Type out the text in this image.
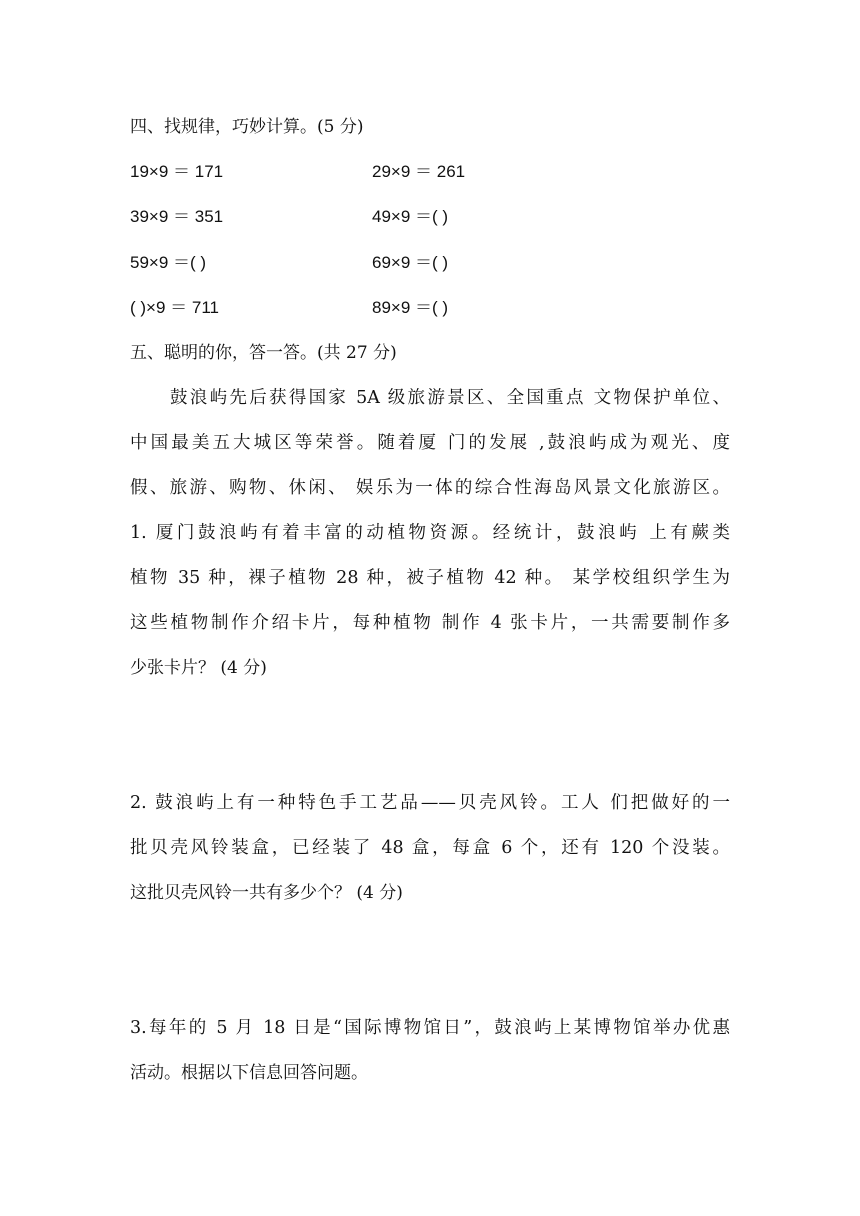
四、找规律，巧妙计算。(5 分)
19×9 ＝ 171	29×9 ＝ 261
39×9 ＝ 351	49×9 ＝( )
59×9 ＝( )	69×9 ＝( )
( )×9 ＝ 711	89×9 ＝( )
五、聪明的你，答一答。(共 27 分)
鼓浪屿先后获得国家 5A 级旅游景区、全国重点 文物保护单位、
中国最美五大城区等荣誉。随着厦 门的发展 ,鼓浪屿成为观光、度
假、旅游、购物、休闲、 娱乐为一体的综合性海岛风景文化旅游区。
1. 厦门鼓浪屿有着丰富的动植物资源。经统计，鼓浪屿 上有蕨类
植物 35 种，裸子植物 28 种，被子植物 42 种。 某学校组织学生为
这些植物制作介绍卡片，每种植物 制作 4 张卡片，一共需要制作多
少张卡片？ (4 分)
2. 鼓浪屿上有一种特色手工艺品——贝壳风铃。工人 们把做好的一
批贝壳风铃装盒，已经装了 48 盒，每盒 6 个，还有 120 个没装。
这批贝壳风铃一共有多少个？ (4 分)
3.每年的 5 月 18 日是“国际博物馆日”，鼓浪屿上某博物馆举办优惠
活动。根据以下信息回答问题。
